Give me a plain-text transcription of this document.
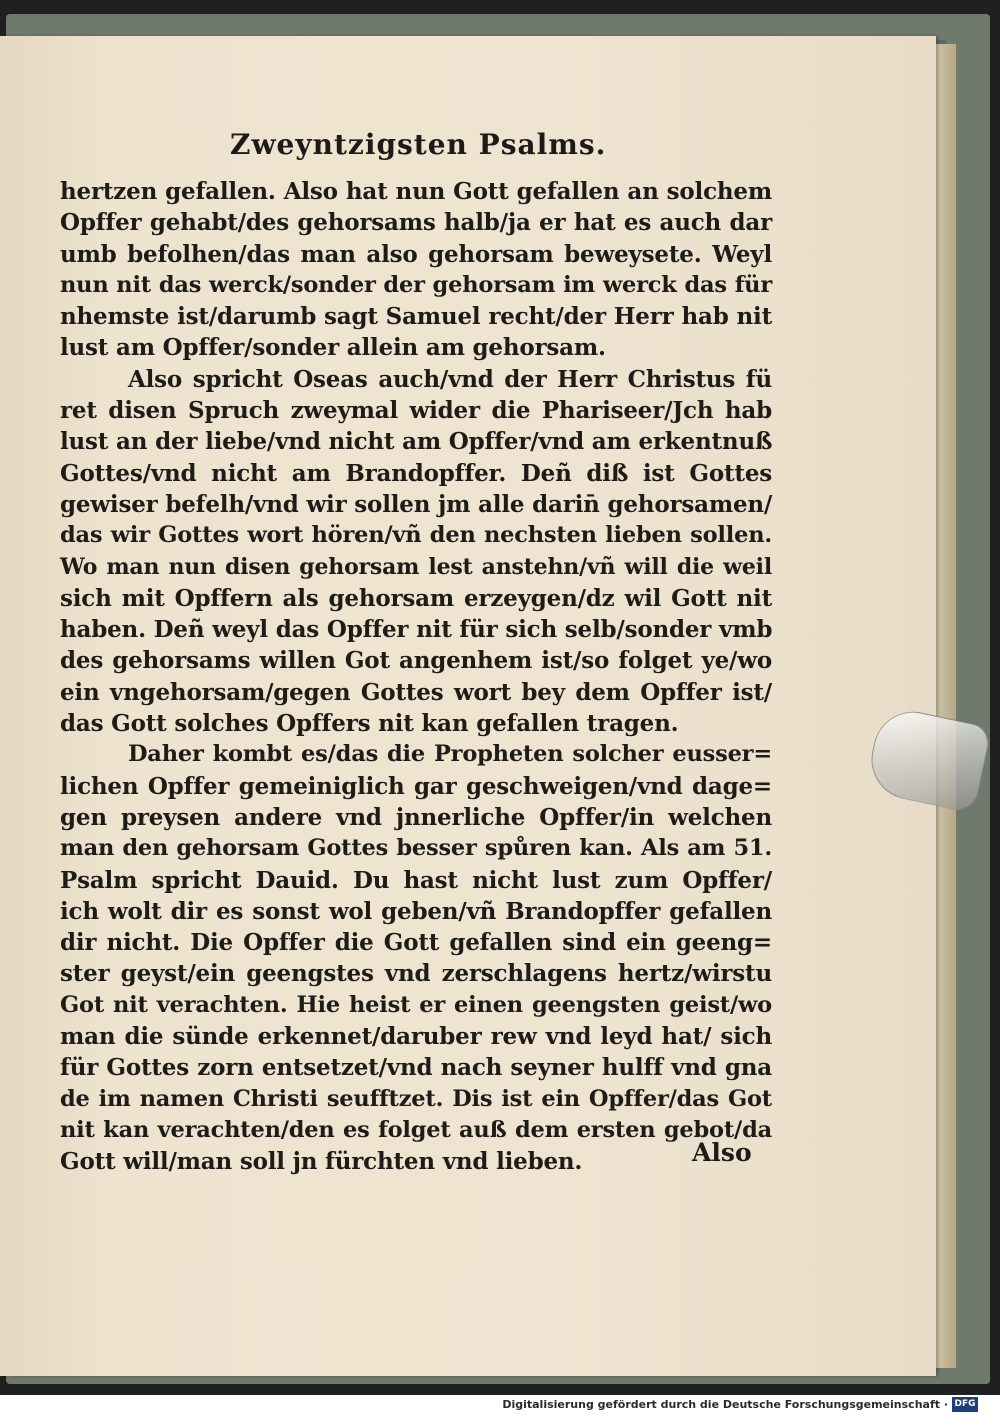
Zweyntzigsten Psalms.
hertzen gefallen. Also hat nun Gott gefallen an solchem
Opffer gehabt/des gehorsams halb/ja er hat es auch dar
umb befolhen/das man also gehorsam beweysete. Weyl
nun nit das werck/sonder der gehorsam im werck das für
nhemste ist/darumb sagt Samuel recht/der Herr hab nit
lust am Opffer/sonder allein am gehorsam.
Also spricht Oseas auch/vnd der Herr Christus fü
ret disen Spruch zweymal wider die Phariseer/Jch hab
lust an der liebe/vnd nicht am Opffer/vnd am erkentnuß
Gottes/vnd nicht am Brandopffer. Deñ diß ist Gottes
gewiser befelh/vnd wir sollen jm alle darin̄ gehorsamen/
das wir Gottes wort hören/vñ den nechsten lieben sollen.
Wo man nun disen gehorsam lest anstehn/vñ will die weil
sich mit Opffern als gehorsam erzeygen/dz wil Gott nit
haben. Deñ weyl das Opffer nit für sich selb/sonder vmb
des gehorsams willen Got angenhem ist/so folget ye/wo
ein vngehorsam/gegen Gottes wort bey dem Opffer ist/
das Gott solches Opffers nit kan gefallen tragen.
Daher kombt es/das die Propheten solcher eusser=
lichen Opffer gemeiniglich gar geschweigen/vnd dage=
gen preysen andere vnd jnnerliche Opffer/in welchen
man den gehorsam Gottes besser spůren kan. Als am 51.
Psalm spricht Dauid. Du hast nicht lust zum Opffer/
ich wolt dir es sonst wol geben/vñ Brandopffer gefallen
dir nicht. Die Opffer die Gott gefallen sind ein geeng=
ster geyst/ein geengstes vnd zerschlagens hertz/wirstu
Got nit verachten. Hie heist er einen geengsten geist/wo
man die sünde erkennet/daruber rew vnd leyd hat/ sich
für Gottes zorn entsetzet/vnd nach seyner hulff vnd gna
de im namen Christi seufftzet. Dis ist ein Opffer/das Got
nit kan verachten/den es folget auß dem ersten gebot/da
Gott will/man soll jn fürchten vnd lieben.	Also
Digitalisierung gefördert durch die Deutsche Forschungsgemeinschaft · DFG
